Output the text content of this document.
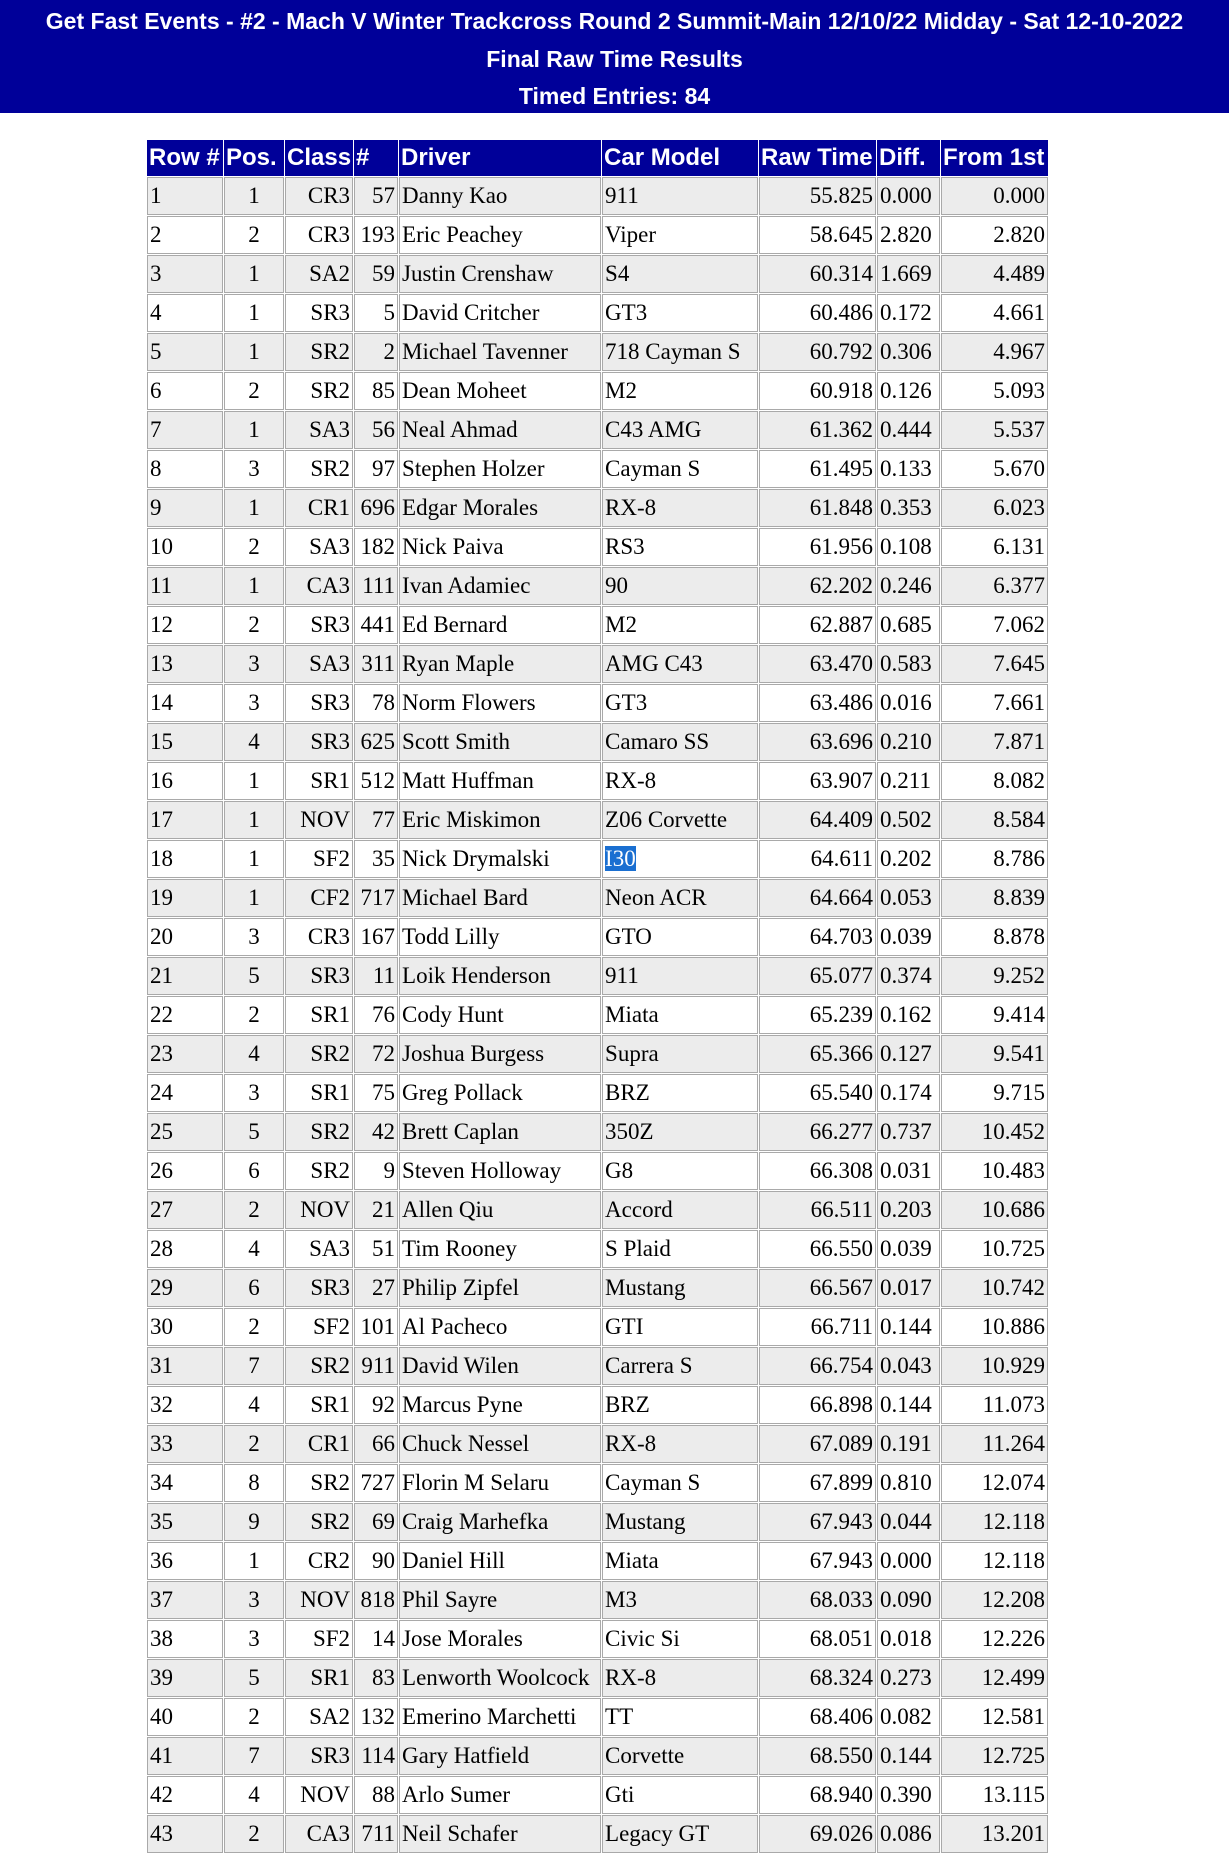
Get Fast Events - #2 - Mach V Winter Trackcross Round 2 Summit-Main 12/10/22 Midday - Sat 12-10-2022
Final Raw Time Results
Timed Entries: 84
Row #	Pos.	Class	#	Driver	Car Model	Raw Time	Diff.	From 1st
1	1	CR3	57	Danny Kao	911	55.825	0.000	0.000
2	2	CR3	193	Eric Peachey	Viper	58.645	2.820	2.820
3	1	SA2	59	Justin Crenshaw	S4	60.314	1.669	4.489
4	1	SR3	5	David Critcher	GT3	60.486	0.172	4.661
5	1	SR2	2	Michael Tavenner	718 Cayman S	60.792	0.306	4.967
6	2	SR2	85	Dean Moheet	M2	60.918	0.126	5.093
7	1	SA3	56	Neal Ahmad	C43 AMG	61.362	0.444	5.537
8	3	SR2	97	Stephen Holzer	Cayman S	61.495	0.133	5.670
9	1	CR1	696	Edgar Morales	RX-8	61.848	0.353	6.023
10	2	SA3	182	Nick Paiva	RS3	61.956	0.108	6.131
11	1	CA3	111	Ivan Adamiec	90	62.202	0.246	6.377
12	2	SR3	441	Ed Bernard	M2	62.887	0.685	7.062
13	3	SA3	311	Ryan Maple	AMG C43	63.470	0.583	7.645
14	3	SR3	78	Norm Flowers	GT3	63.486	0.016	7.661
15	4	SR3	625	Scott Smith	Camaro SS	63.696	0.210	7.871
16	1	SR1	512	Matt Huffman	RX-8	63.907	0.211	8.082
17	1	NOV	77	Eric Miskimon	Z06 Corvette	64.409	0.502	8.584
18	1	SF2	35	Nick Drymalski	I30	64.611	0.202	8.786
19	1	CF2	717	Michael Bard	Neon ACR	64.664	0.053	8.839
20	3	CR3	167	Todd Lilly	GTO	64.703	0.039	8.878
21	5	SR3	11	Loik Henderson	911	65.077	0.374	9.252
22	2	SR1	76	Cody Hunt	Miata	65.239	0.162	9.414
23	4	SR2	72	Joshua Burgess	Supra	65.366	0.127	9.541
24	3	SR1	75	Greg Pollack	BRZ	65.540	0.174	9.715
25	5	SR2	42	Brett Caplan	350Z	66.277	0.737	10.452
26	6	SR2	9	Steven Holloway	G8	66.308	0.031	10.483
27	2	NOV	21	Allen Qiu	Accord	66.511	0.203	10.686
28	4	SA3	51	Tim Rooney	S Plaid	66.550	0.039	10.725
29	6	SR3	27	Philip Zipfel	Mustang	66.567	0.017	10.742
30	2	SF2	101	Al Pacheco	GTI	66.711	0.144	10.886
31	7	SR2	911	David Wilen	Carrera S	66.754	0.043	10.929
32	4	SR1	92	Marcus Pyne	BRZ	66.898	0.144	11.073
33	2	CR1	66	Chuck Nessel	RX-8	67.089	0.191	11.264
34	8	SR2	727	Florin M Selaru	Cayman S	67.899	0.810	12.074
35	9	SR2	69	Craig Marhefka	Mustang	67.943	0.044	12.118
36	1	CR2	90	Daniel Hill	Miata	67.943	0.000	12.118
37	3	NOV	818	Phil Sayre	M3	68.033	0.090	12.208
38	3	SF2	14	Jose Morales	Civic Si	68.051	0.018	12.226
39	5	SR1	83	Lenworth Woolcock	RX-8	68.324	0.273	12.499
40	2	SA2	132	Emerino Marchetti	TT	68.406	0.082	12.581
41	7	SR3	114	Gary Hatfield	Corvette	68.550	0.144	12.725
42	4	NOV	88	Arlo Sumer	Gti	68.940	0.390	13.115
43	2	CA3	711	Neil Schafer	Legacy GT	69.026	0.086	13.201
